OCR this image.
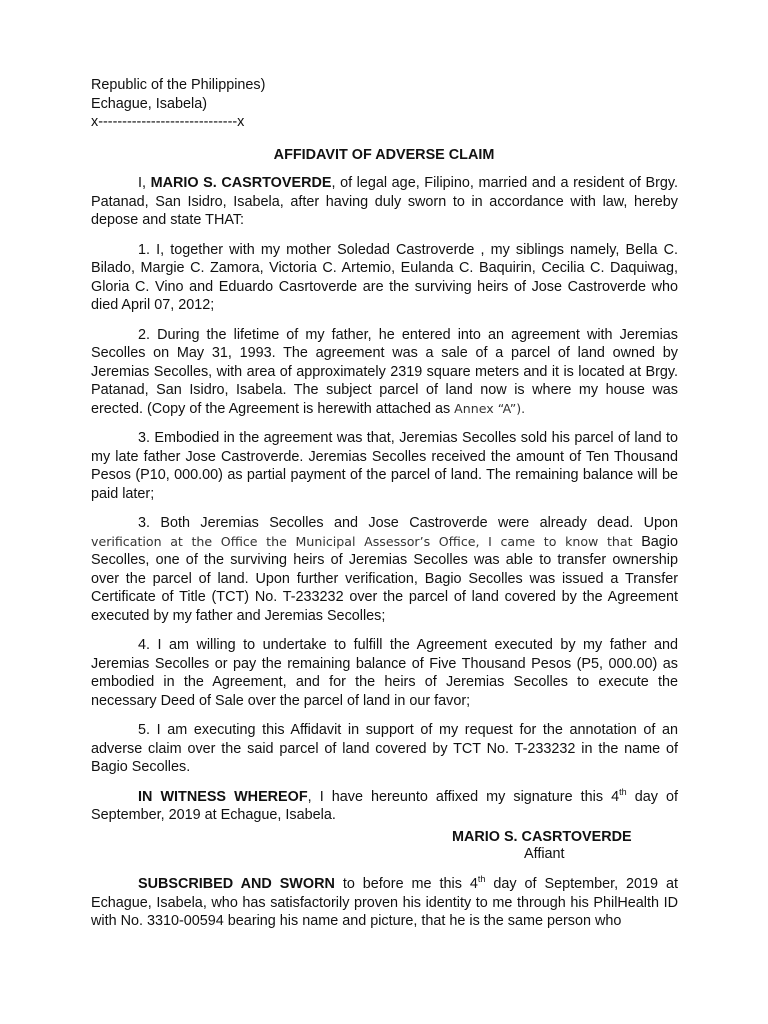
Republic of the Philippines)
Echague, Isabela)
x-----------------------------x
AFFIDAVIT OF ADVERSE CLAIM

I, MARIO S. CASRTOVERDE, of legal age, Filipino, married and a resident of Brgy. Patanad, San Isidro, Isabela, after having duly sworn to in accordance with law, hereby depose and state THAT:

1. I, together with my mother Soledad Castroverde , my siblings namely, Bella C. Bilado, Margie C. Zamora, Victoria C. Artemio, Eulanda C. Baquirin, Cecilia C. Daquiwag, Gloria C. Vino and Eduardo Casrtoverde are the surviving heirs of Jose Castroverde who died April 07, 2012;

2. During the lifetime of my father, he entered into an agreement with Jeremias Secolles on May 31, 1993. The agreement was a sale of a parcel of land owned by Jeremias Secolles, with area of approximately 2319 square meters and it is located at Brgy. Patanad, San Isidro, Isabela. The subject parcel of land now is where my house was erected. (Copy of the Agreement is herewith attached as Annex “A”).

3. Embodied in the agreement was that, Jeremias Secolles sold his parcel of land to my late father Jose Castroverde. Jeremias Secolles received the amount of Ten Thousand Pesos (P10, 000.00) as partial payment of the parcel of land. The remaining balance will be paid later;

3. Both Jeremias Secolles and Jose Castroverde were already dead. Upon verification at the Office the Municipal Assessor’s Office, I came to know that Bagio Secolles, one of the surviving heirs of Jeremias Secolles was able to transfer ownership over the parcel of land. Upon further verification, Bagio Secolles was issued a Transfer Certificate of Title (TCT) No. T-233232 over the parcel of land covered by the Agreement executed by my father and Jeremias Secolles;

4. I am willing to undertake to fulfill the Agreement executed by my father and Jeremias Secolles or pay the remaining balance of Five Thousand Pesos (P5, 000.00) as embodied in the Agreement, and for the heirs of Jeremias Secolles to execute the necessary Deed of Sale over the parcel of land in our favor;

5. I am executing this Affidavit in support of my request for the annotation of an adverse claim over the said parcel of land covered by TCT No. T-233232 in the name of Bagio Secolles.

IN WITNESS WHEREOF, I have hereunto affixed my signature this 4th day of September, 2019 at Echague, Isabela.

MARIO S. CASRTOVERDE
Affiant

SUBSCRIBED AND SWORN to before me this 4th day of September, 2019 at Echague, Isabela, who has satisfactorily proven his identity to me through his PhilHealth ID with No. 3310-00594 bearing his name and picture, that he is the same person who
